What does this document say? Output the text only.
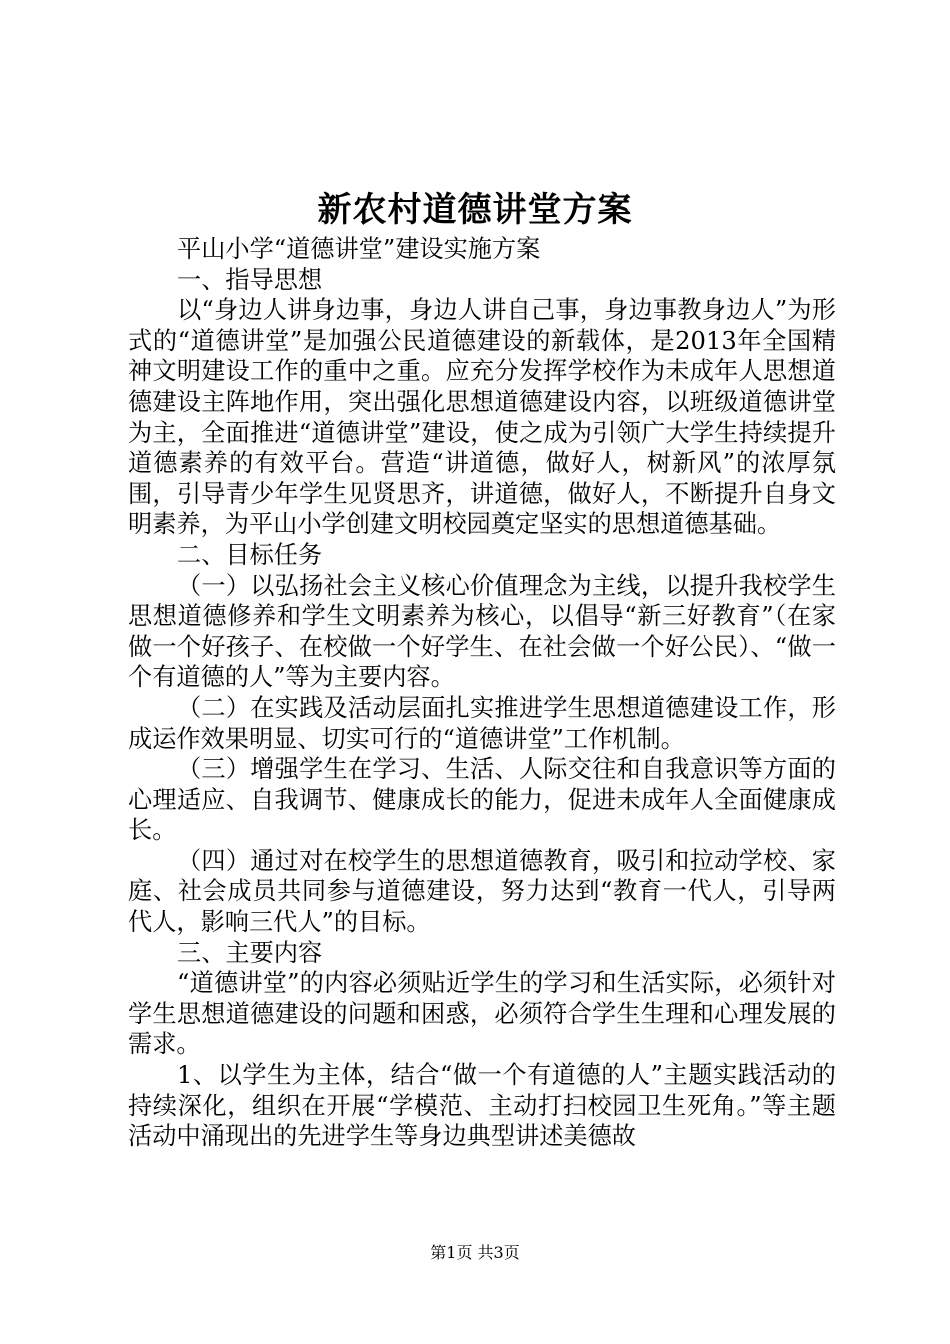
新农村道德讲堂方案

平山小学“道德讲堂”建设实施方案

一、指导思想

以“身边人讲身边事，身边人讲自己事，身边事教身边人”为形式的“道德讲堂”是加强公民道德建设的新载体，是2013年全国精神文明建设工作的重中之重。应充分发挥学校作为未成年人思想道德建设主阵地作用，突出强化思想道德建设内容，以班级道德讲堂为主，全面推进“道德讲堂”建设，使之成为引领广大学生持续提升道德素养的有效平台。营造“讲道德，做好人，树新风”的浓厚氛围，引导青少年学生见贤思齐，讲道德，做好人，不断提升自身文明素养，为平山小学创建文明校园奠定坚实的思想道德基础。

二、目标任务

（一）以弘扬社会主义核心价值理念为主线，以提升我校学生思想道德修养和学生文明素养为核心，以倡导“新三好教育”（在家做一个好孩子、在校做一个好学生、在社会做一个好公民）、“做一个有道德的人”等为主要内容。

（二）在实践及活动层面扎实推进学生思想道德建设工作，形成运作效果明显、切实可行的“道德讲堂”工作机制。

（三）增强学生在学习、生活、人际交往和自我意识等方面的心理适应、自我调节、健康成长的能力，促进未成年人全面健康成长。

（四）通过对在校学生的思想道德教育，吸引和拉动学校、家庭、社会成员共同参与道德建设，努力达到“教育一代人，引导两代人，影响三代人”的目标。

三、主要内容

“道德讲堂”的内容必须贴近学生的学习和生活实际，必须针对学生思想道德建设的问题和困惑，必须符合学生生理和心理发展的需求。

1、以学生为主体，结合“做一个有道德的人”主题实践活动的持续深化，组织在开展“学模范、主动打扫校园卫生死角。”等主题活动中涌现出的先进学生等身边典型讲述美德故

第1页 共3页
